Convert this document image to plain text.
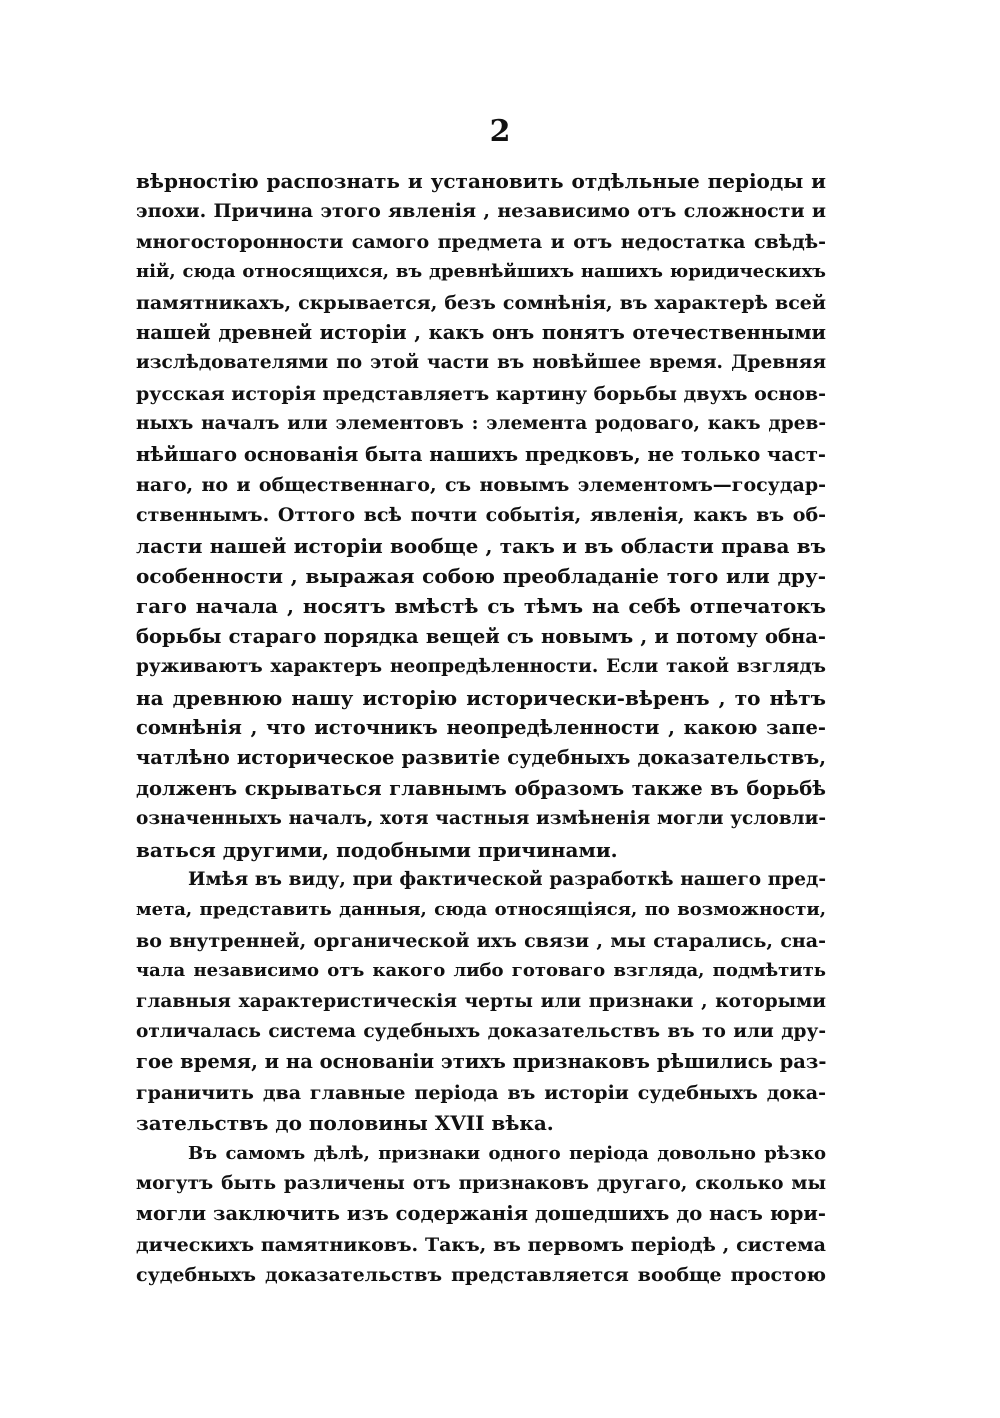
2
вѣрностію распознать и установить отдѣльные періоды и
эпохи. Причина этого явленія , независимо отъ сложности и
многосторонности самого предмета и отъ недостатка свѣдѣ-
ній, сюда относящихся, въ древнѣйшихъ нашихъ юридическихъ
памятникахъ, скрывается, безъ сомнѣнія, въ характерѣ всей
нашей древней исторіи , какъ онъ понятъ отечественными
изслѣдователями по этой части въ новѣйшее время. Древняя
русская исторія представляетъ картину борьбы двухъ основ-
ныхъ началъ или элементовъ : элемента родоваго, какъ древ-
нѣйшаго основанія быта нашихъ предковъ, не только част-
наго, но и общественнаго, съ новымъ элементомъ—государ-
ственнымъ. Оттого всѣ почти событія, явленія, какъ въ об-
ласти нашей исторіи вообще , такъ и въ области права въ
особенности , выражая собою преобладаніе того или дру-
гаго начала , носятъ вмѣстѣ съ тѣмъ на себѣ отпечатокъ
борьбы стараго порядка вещей съ новымъ , и потому обна-
руживаютъ характеръ неопредѣленности. Если такой взглядъ
на древнюю нашу исторію исторически-вѣренъ , то нѣтъ
сомнѣнія , что источникъ неопредѣленности , какою запе-
чатлѣно историческое развитіе судебныхъ доказательствъ,
долженъ скрываться главнымъ образомъ также въ борьбѣ
означенныхъ началъ, хотя частныя измѣненія могли условли-
ваться другими, подобными причинами.
Имѣя въ виду, при фактической разработкѣ нашего пред-
мета, представить данныя, сюда относящіяся, по возможности,
во внутренней, органической ихъ связи , мы старались, сна-
чала независимо отъ какого либо готоваго взгляда, подмѣтить
главныя характеристическія черты или признаки , которыми
отличалась система судебныхъ доказательствъ въ то или дру-
гое время, и на основаніи этихъ признаковъ рѣшились раз-
граничить два главные періода въ исторіи судебныхъ дока-
зательствъ до половины XVII вѣка.
Въ самомъ дѣлѣ, признаки одного періода довольно рѣзко
могутъ быть различены отъ признаковъ другаго, сколько мы
могли заключить изъ содержанія дошедшихъ до насъ юри-
дическихъ памятниковъ. Такъ, въ первомъ періодѣ , система
судебныхъ доказательствъ представляется вообще простою
